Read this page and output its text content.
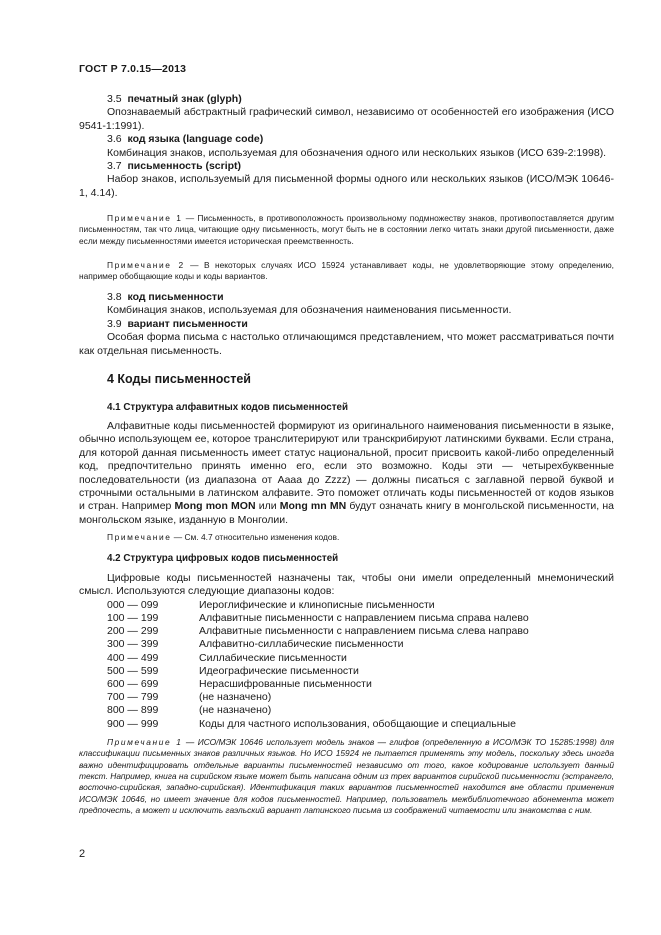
ГОСТ Р 7.0.15—2013

3.5 печатный знак (glyph)

Опознаваемый абстрактный графический символ, независимо от особенностей его изображения (ИСО 9541-1:1991).

3.6 код языка (language code)

Комбинация знаков, используемая для обозначения одного или нескольких языков (ИСО 639-2:1998).

3.7 письменность (script)

Набор знаков, используемый для письменной формы одного или нескольких языков (ИСО/МЭК 10646-1, 4.14).

Примечание 1 — Письменность, в противоположность произвольному подмножеству знаков, противопоставляется другим письменностям, так что лица, читающие одну письменность, могут быть не в состоянии легко читать знаки другой письменности, даже если между письменностями имеется историческая преемственность.

Примечание 2 — В некоторых случаях ИСО 15924 устанавливает коды, не удовлетворяющие этому определению, например обобщающие коды и коды вариантов.

3.8 код письменности

Комбинация знаков, используемая для обозначения наименования письменности.

3.9 вариант письменности

Особая форма письма с настолько отличающимся представлением, что может рассматриваться почти как отдельная письменность.

4 Коды письменностей

4.1 Структура алфавитных кодов письменностей

Алфавитные коды письменностей формируют из оригинального наименования письменности в языке, обычно использующем ее, которое транслитерируют или транскрибируют латинскими буквами. Если страна, для которой данная письменность имеет статус национальной, просит присвоить какой-либо определенный код, предпочтительно принять именно его, если это возможно. Коды эти — четырехбуквенные последовательности (из диапазона от Aaaa до Zzzz) — должны писаться с заглавной первой буквой и строчными остальными в латинском алфавите. Это поможет отличать коды письменностей от кодов языков и стран. Например Mong mon MON или Mong mn MN будут означать книгу в монгольской письменности, на монгольском языке, изданную в Монголии.

Примечание — См. 4.7 относительно изменения кодов.

4.2 Структура цифровых кодов письменностей

Цифровые коды письменностей назначены так, чтобы они имели определенный мнемонический смысл. Используются следующие диапазоны кодов:

000 — 099	Иероглифические и клинописные письменности
100 — 199	Алфавитные письменности с направлением письма справа налево
200 — 299	Алфавитные письменности с направлением письма слева направо
300 — 399	Алфавитно-силлабические письменности
400 — 499	Силлабические письменности
500 — 599	Идеографические письменности
600 — 699	Нерасшифрованные письменности
700 — 799	(не назначено)
800 — 899	(не назначено)
900 — 999	Коды для частного использования, обобщающие и специальные

Примечание 1 — ИСО/МЭК 10646 использует модель знаков — глифов (определенную в ИСО/МЭК ТО 15285:1998) для классификации письменных знаков различных языков. Но ИСО 15924 не пытается применять эту модель, поскольку здесь иногда важно идентифицировать отдельные варианты письменностей независимо от того, какое кодирование использует данный текст. Например, книга на сирийском языке может быть написана одним из трех вариантов сирийской письменности (эстрангело, восточно-сирийская, западно-сирийская). Идентификация таких вариантов письменностей находится вне области применения ИСО/МЭК 10646, но имеет значение для кодов письменностей. Например, пользователь межбиблиотечного абонемента может предпочесть, а может и исключить гаэльский вариант латинского письма из соображений читаемости или знакомства с ним.

2
